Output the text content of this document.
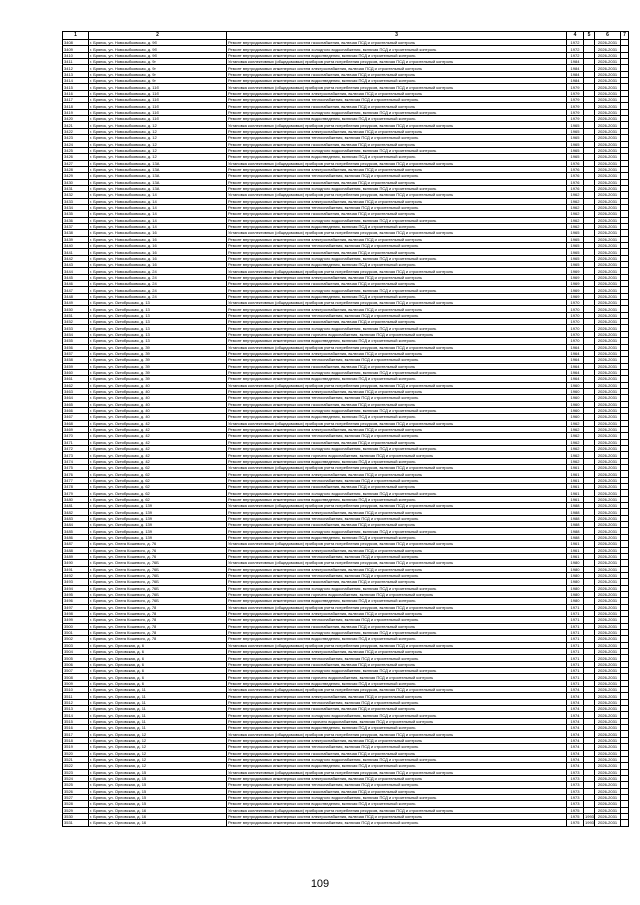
1	2	3	4	5	6	7
3408	г. Брянск, ул. Новозыбковская, д. 9б	Ремонт внутридомовых инженерных систем газоснабжения, включая ПСД и строительный контроль	1972		2026-2031	
3409	г. Брянск, ул. Новозыбковская, д. 9б	Ремонт внутридомовых инженерных систем холодного водоснабжения, включая ПСД и строительный контроль	1972		2026-2031	
3410	г. Брянск, ул. Новозыбковская, д. 9б	Ремонт внутридомовых инженерных систем водоотведения, включая ПСД и строительный контроль	1972		2026-2031	
3411	г. Брянск, ул. Новозыбковская, д. 9г	Установка коллективных (общедомовых) приборов учета потребления ресурсов, включая ПСД и строительный контроль	1984		2026-2031	
3412	г. Брянск, ул. Новозыбковская, д. 9г	Ремонт внутридомовых инженерных систем электроснабжения, включая ПСД и строительный контроль	1984		2026-2031	
3413	г. Брянск, ул. Новозыбковская, д. 9г	Ремонт внутридомовых инженерных систем газоснабжения, включая ПСД и строительный контроль	1984		2026-2031	
3414	г. Брянск, ул. Новозыбковская, д. 9г	Ремонт внутридомовых инженерных систем водоотведения, включая ПСД и строительный контроль	1984		2026-2031	
3415	г. Брянск, ул. Новозыбковская, д. 11б	Установка коллективных (общедомовых) приборов учета потребления ресурсов, включая ПСД и строительный контроль	1979		2026-2031	
3416	г. Брянск, ул. Новозыбковская, д. 11б	Ремонт внутридомовых инженерных систем электроснабжения, включая ПСД и строительный контроль	1979		2026-2031	
3417	г. Брянск, ул. Новозыбковская, д. 11б	Ремонт внутридомовых инженерных систем теплоснабжения, включая ПСД и строительный контроль	1979		2026-2031	
3418	г. Брянск, ул. Новозыбковская, д. 11б	Ремонт внутридомовых инженерных систем газоснабжения, включая ПСД и строительный контроль	1979		2026-2031	
3419	г. Брянск, ул. Новозыбковская, д. 11б	Ремонт внутридомовых инженерных систем холодного водоснабжения, включая ПСД и строительный контроль	1979		2026-2031	
3420	г. Брянск, ул. Новозыбковская, д. 11б	Ремонт внутридомовых инженерных систем водоотведения, включая ПСД и строительный контроль	1979		2026-2031	
3421	г. Брянск, ул. Новозыбковская, д. 12	Установка коллективных (общедомовых) приборов учета потребления ресурсов, включая ПСД и строительный контроль	1965		2026-2031	
3422	г. Брянск, ул. Новозыбковская, д. 12	Ремонт внутридомовых инженерных систем электроснабжения, включая ПСД и строительный контроль	1965		2026-2031	
3423	г. Брянск, ул. Новозыбковская, д. 12	Ремонт внутридомовых инженерных систем теплоснабжения, включая ПСД и строительный контроль	1965		2026-2031	
3424	г. Брянск, ул. Новозыбковская, д. 12	Ремонт внутридомовых инженерных систем газоснабжения, включая ПСД и строительный контроль	1965		2026-2031	
3425	г. Брянск, ул. Новозыбковская, д. 12	Ремонт внутридомовых инженерных систем холодного водоснабжения, включая ПСД и строительный контроль	1965		2026-2031	
3426	г. Брянск, ул. Новозыбковская, д. 12	Ремонт внутридомовых инженерных систем водоотведения, включая ПСД и строительный контроль	1965		2026-2031	
3427	г. Брянск, ул. Новозыбковская, д. 13А	Установка коллективных (общедомовых) приборов учета потребления ресурсов, включая ПСД и строительный контроль	1976		2026-2031	
3428	г. Брянск, ул. Новозыбковская, д. 13А	Ремонт внутридомовых инженерных систем электроснабжения, включая ПСД и строительный контроль	1976		2026-2031	
3429	г. Брянск, ул. Новозыбковская, д. 13А	Ремонт внутридомовых инженерных систем теплоснабжения, включая ПСД и строительный контроль	1976		2026-2031	
3430	г. Брянск, ул. Новозыбковская, д. 13А	Ремонт внутридомовых инженерных систем газоснабжения, включая ПСД и строительный контроль	1976		2026-2031	
3431	г. Брянск, ул. Новозыбковская, д. 13А	Ремонт внутридомовых инженерных систем холодного водоснабжения, включая ПСД и строительный контроль	1976		2026-2031	
3432	г. Брянск, ул. Новозыбковская, д. 14	Установка коллективных (общедомовых) приборов учета потребления ресурсов, включая ПСД и строительный контроль	1962		2026-2031	
3433	г. Брянск, ул. Новозыбковская, д. 14	Ремонт внутридомовых инженерных систем электроснабжения, включая ПСД и строительный контроль	1962		2026-2031	
3434	г. Брянск, ул. Новозыбковская, д. 14	Ремонт внутридомовых инженерных систем теплоснабжения, включая ПСД и строительный контроль	1962		2026-2031	
3435	г. Брянск, ул. Новозыбковская, д. 14	Ремонт внутридомовых инженерных систем газоснабжения, включая ПСД и строительный контроль	1962		2026-2031	
3436	г. Брянск, ул. Новозыбковская, д. 14	Ремонт внутридомовых инженерных систем холодного водоснабжения, включая ПСД и строительный контроль	1962		2026-2031	
3437	г. Брянск, ул. Новозыбковская, д. 14	Ремонт внутридомовых инженерных систем водоотведения, включая ПСД и строительный контроль	1962		2026-2031	
3438	г. Брянск, ул. Новозыбковская, д. 16	Установка коллективных (общедомовых) приборов учета потребления ресурсов, включая ПСД и строительный контроль	1965		2026-2031	
3439	г. Брянск, ул. Новозыбковская, д. 16	Ремонт внутридомовых инженерных систем электроснабжения, включая ПСД и строительный контроль	1965		2026-2031	
3440	г. Брянск, ул. Новозыбковская, д. 16	Ремонт внутридомовых инженерных систем теплоснабжения, включая ПСД и строительный контроль	1965		2026-2031	
3441	г. Брянск, ул. Новозыбковская, д. 16	Ремонт внутридомовых инженерных систем газоснабжения, включая ПСД и строительный контроль	1965		2026-2031	
3442	г. Брянск, ул. Новозыбковская, д. 16	Ремонт внутридомовых инженерных систем холодного водоснабжения, включая ПСД и строительный контроль	1965		2026-2031	
3443	г. Брянск, ул. Новозыбковская, д. 16	Ремонт внутридомовых инженерных систем водоотведения, включая ПСД и строительный контроль	1965		2026-2031	
3444	г. Брянск, ул. Новозыбковская, д. 24	Установка коллективных (общедомовых) приборов учета потребления ресурсов, включая ПСД и строительный контроль	1969		2026-2031	
3445	г. Брянск, ул. Новозыбковская, д. 24	Ремонт внутридомовых инженерных систем электроснабжения, включая ПСД и строительный контроль	1969		2026-2031	
3446	г. Брянск, ул. Новозыбковская, д. 24	Ремонт внутридомовых инженерных систем газоснабжения, включая ПСД и строительный контроль	1969		2026-2031	
3447	г. Брянск, ул. Новозыбковская, д. 24	Ремонт внутридомовых инженерных систем холодного водоснабжения, включая ПСД и строительный контроль	1969		2026-2031	
3448	г. Брянск, ул. Новозыбковская, д. 24	Ремонт внутридомовых инженерных систем водоотведения, включая ПСД и строительный контроль	1969		2026-2031	
3449	г. Брянск, ул. Октябрьская, д. 13	Установка коллективных (общедомовых) приборов учета потребления ресурсов, включая ПСД и строительный контроль	1970		2026-2031	
3450	г. Брянск, ул. Октябрьская, д. 13	Ремонт внутридомовых инженерных систем электроснабжения, включая ПСД и строительный контроль	1970		2026-2031	
3451	г. Брянск, ул. Октябрьская, д. 13	Ремонт внутридомовых инженерных систем теплоснабжения, включая ПСД и строительный контроль	1970		2026-2031	
3452	г. Брянск, ул. Октябрьская, д. 13	Ремонт внутридомовых инженерных систем газоснабжения, включая ПСД и строительный контроль	1970		2026-2031	
3453	г. Брянск, ул. Октябрьская, д. 13	Ремонт внутридомовых инженерных систем холодного водоснабжения, включая ПСД и строительный контроль	1970		2026-2031	
3454	г. Брянск, ул. Октябрьская, д. 13	Ремонт внутридомовых инженерных систем горячего водоснабжения, включая ПСД и строительный контроль	1970		2026-2031	
3455	г. Брянск, ул. Октябрьская, д. 13	Ремонт внутридомовых инженерных систем водоотведения, включая ПСД и строительный контроль	1970		2026-2031	
3456	г. Брянск, ул. Октябрьская, д. 39	Установка коллективных (общедомовых) приборов учета потребления ресурсов, включая ПСД и строительный контроль	1964		2026-2031	
3457	г. Брянск, ул. Октябрьская, д. 39	Ремонт внутридомовых инженерных систем электроснабжения, включая ПСД и строительный контроль	1964		2026-2031	
3458	г. Брянск, ул. Октябрьская, д. 39	Ремонт внутридомовых инженерных систем теплоснабжения, включая ПСД и строительный контроль	1964		2026-2031	
3459	г. Брянск, ул. Октябрьская, д. 39	Ремонт внутридомовых инженерных систем газоснабжения, включая ПСД и строительный контроль	1964		2026-2031	
3460	г. Брянск, ул. Октябрьская, д. 39	Ремонт внутридомовых инженерных систем холодного водоснабжения, включая ПСД и строительный контроль	1964		2026-2031	
3461	г. Брянск, ул. Октябрьская, д. 39	Ремонт внутридомовых инженерных систем водоотведения, включая ПСД и строительный контроль	1964		2026-2031	
3462	г. Брянск, ул. Октябрьская, д. 40	Установка коллективных (общедомовых) приборов учета потребления ресурсов, включая ПСД и строительный контроль	1960		2026-2031	
3463	г. Брянск, ул. Октябрьская, д. 40	Ремонт внутридомовых инженерных систем электроснабжения, включая ПСД и строительный контроль	1960		2026-2031	
3464	г. Брянск, ул. Октябрьская, д. 40	Ремонт внутридомовых инженерных систем теплоснабжения, включая ПСД и строительный контроль	1960		2026-2031	
3465	г. Брянск, ул. Октябрьская, д. 40	Ремонт внутридомовых инженерных систем газоснабжения, включая ПСД и строительный контроль	1960		2026-2031	
3466	г. Брянск, ул. Октябрьская, д. 40	Ремонт внутридомовых инженерных систем холодного водоснабжения, включая ПСД и строительный контроль	1960		2026-2031	
3467	г. Брянск, ул. Октябрьская, д. 40	Ремонт внутридомовых инженерных систем водоотведения, включая ПСД и строительный контроль	1960		2026-2031	
3468	г. Брянск, ул. Октябрьская, д. 42	Установка коллективных (общедомовых) приборов учета потребления ресурсов, включая ПСД и строительный контроль	1962		2026-2031	
3469	г. Брянск, ул. Октябрьская, д. 42	Ремонт внутридомовых инженерных систем электроснабжения, включая ПСД и строительный контроль	1962		2026-2031	
3470	г. Брянск, ул. Октябрьская, д. 42	Ремонт внутридомовых инженерных систем теплоснабжения, включая ПСД и строительный контроль	1962		2026-2031	
3471	г. Брянск, ул. Октябрьская, д. 42	Ремонт внутридомовых инженерных систем газоснабжения, включая ПСД и строительный контроль	1962		2026-2031	
3472	г. Брянск, ул. Октябрьская, д. 42	Ремонт внутридомовых инженерных систем холодного водоснабжения, включая ПСД и строительный контроль	1962		2026-2031	
3473	г. Брянск, ул. Октябрьская, д. 42	Ремонт внутридомовых инженерных систем горячего водоснабжения, включая ПСД и строительный контроль	1962		2026-2031	
3474	г. Брянск, ул. Октябрьская, д. 42	Ремонт внутридомовых инженерных систем водоотведения, включая ПСД и строительный контроль	1962		2026-2031	
3475	г. Брянск, ул. Октябрьская, д. 62	Установка коллективных (общедомовых) приборов учета потребления ресурсов, включая ПСД и строительный контроль	1961		2026-2031	
3476	г. Брянск, ул. Октябрьская, д. 62	Ремонт внутридомовых инженерных систем электроснабжения, включая ПСД и строительный контроль	1961		2026-2031	
3477	г. Брянск, ул. Октябрьская, д. 62	Ремонт внутридомовых инженерных систем теплоснабжения, включая ПСД и строительный контроль	1961		2026-2031	
3478	г. Брянск, ул. Октябрьская, д. 62	Ремонт внутридомовых инженерных систем газоснабжения, включая ПСД и строительный контроль	1961		2026-2031	
3479	г. Брянск, ул. Октябрьская, д. 62	Ремонт внутридомовых инженерных систем холодного водоснабжения, включая ПСД и строительный контроль	1961		2026-2031	
3480	г. Брянск, ул. Октябрьская, д. 62	Ремонт внутридомовых инженерных систем водоотведения, включая ПСД и строительный контроль	1961		2026-2031	
3481	г. Брянск, ул. Октябрьская, д. 139	Установка коллективных (общедомовых) приборов учета потребления ресурсов, включая ПСД и строительный контроль	1988		2026-2031	
3482	г. Брянск, ул. Октябрьская, д. 139	Ремонт внутридомовых инженерных систем электроснабжения, включая ПСД и строительный контроль	1988		2026-2031	
3483	г. Брянск, ул. Октябрьская, д. 139	Ремонт внутридомовых инженерных систем теплоснабжения, включая ПСД и строительный контроль	1988		2026-2031	
3484	г. Брянск, ул. Октябрьская, д. 139	Ремонт внутридомовых инженерных систем газоснабжения, включая ПСД и строительный контроль	1988		2026-2031	
3485	г. Брянск, ул. Октябрьская, д. 139	Ремонт внутридомовых инженерных систем холодного водоснабжения, включая ПСД и строительный контроль	1988		2026-2031	
3486	г. Брянск, ул. Октябрьская, д. 139	Ремонт внутридомовых инженерных систем водоотведения, включая ПСД и строительный контроль	1988		2026-2031	
3487	г. Брянск, ул. Олега Кошевого, д. 76	Установка коллективных (общедомовых) приборов учета потребления ресурсов, включая ПСД и строительный контроль	1961		2026-2031	
3488	г. Брянск, ул. Олега Кошевого, д. 76	Ремонт внутридомовых инженерных систем электроснабжения, включая ПСД и строительный контроль	1961		2026-2031	
3489	г. Брянск, ул. Олега Кошевого, д. 76	Ремонт внутридомовых инженерных систем теплоснабжения, включая ПСД и строительный контроль	1961		2026-2031	
3490	г. Брянск, ул. Олега Кошевого, д. 76Б	Установка коллективных (общедомовых) приборов учета потребления ресурсов, включая ПСД и строительный контроль	1980		2026-2031	
3491	г. Брянск, ул. Олега Кошевого, д. 76Б	Ремонт внутридомовых инженерных систем электроснабжения, включая ПСД и строительный контроль	1980		2026-2031	
3492	г. Брянск, ул. Олега Кошевого, д. 76Б	Ремонт внутридомовых инженерных систем теплоснабжения, включая ПСД и строительный контроль	1980		2026-2031	
3493	г. Брянск, ул. Олега Кошевого, д. 76Б	Ремонт внутридомовых инженерных систем газоснабжения, включая ПСД и строительный контроль	1980		2026-2031	
3494	г. Брянск, ул. Олега Кошевого, д. 76Б	Ремонт внутридомовых инженерных систем холодного водоснабжения, включая ПСД и строительный контроль	1980		2026-2031	
3495	г. Брянск, ул. Олега Кошевого, д. 76Б	Ремонт внутридомовых инженерных систем горячего водоснабжения, включая ПСД и строительный контроль	1980		2026-2031	
3496	г. Брянск, ул. Олега Кошевого, д. 76Б	Ремонт внутридомовых инженерных систем водоотведения, включая ПСД и строительный контроль	1980		2026-2031	
3497	г. Брянск, ул. Олега Кошевого, д. 78	Установка коллективных (общедомовых) приборов учета потребления ресурсов, включая ПСД и строительный контроль	1971		2026-2031	
3498	г. Брянск, ул. Олега Кошевого, д. 78	Ремонт внутридомовых инженерных систем электроснабжения, включая ПСД и строительный контроль	1971		2026-2031	
3499	г. Брянск, ул. Олега Кошевого, д. 78	Ремонт внутридомовых инженерных систем теплоснабжения, включая ПСД и строительный контроль	1971		2026-2031	
3500	г. Брянск, ул. Олега Кошевого, д. 78	Ремонт внутридомовых инженерных систем газоснабжения, включая ПСД и строительный контроль	1971		2026-2031	
3501	г. Брянск, ул. Олега Кошевого, д. 78	Ремонт внутридомовых инженерных систем холодного водоснабжения, включая ПСД и строительный контроль	1971		2026-2031	
3502	г. Брянск, ул. Олега Кошевого, д. 78	Ремонт внутридомовых инженерных систем водоотведения, включая ПСД и строительный контроль	1971		2026-2031	
3503	г. Брянск, ул. Орловская, д. 6	Установка коллективных (общедомовых) приборов учета потребления ресурсов, включая ПСД и строительный контроль	1971		2026-2031	
3504	г. Брянск, ул. Орловская, д. 6	Ремонт внутридомовых инженерных систем электроснабжения, включая ПСД и строительный контроль	1971		2026-2031	
3505	г. Брянск, ул. Орловская, д. 6	Ремонт внутридомовых инженерных систем теплоснабжения, включая ПСД и строительный контроль	1971		2026-2031	
3506	г. Брянск, ул. Орловская, д. 6	Ремонт внутридомовых инженерных систем газоснабжения, включая ПСД и строительный контроль	1971		2026-2031	
3507	г. Брянск, ул. Орловская, д. 6	Ремонт внутридомовых инженерных систем холодного водоснабжения, включая ПСД и строительный контроль	1971		2026-2031	
3508	г. Брянск, ул. Орловская, д. 6	Ремонт внутридомовых инженерных систем горячего водоснабжения, включая ПСД и строительный контроль	1971		2026-2031	
3509	г. Брянск, ул. Орловская, д. 6	Ремонт внутридомовых инженерных систем водоотведения, включая ПСД и строительный контроль	1971		2026-2031	
3510	г. Брянск, ул. Орловская, д. 11	Установка коллективных (общедомовых) приборов учета потребления ресурсов, включая ПСД и строительный контроль	1974		2026-2031	
3511	г. Брянск, ул. Орловская, д. 11	Ремонт внутридомовых инженерных систем электроснабжения, включая ПСД и строительный контроль	1974		2026-2031	
3512	г. Брянск, ул. Орловская, д. 11	Ремонт внутридомовых инженерных систем теплоснабжения, включая ПСД и строительный контроль	1974		2026-2031	
3513	г. Брянск, ул. Орловская, д. 11	Ремонт внутридомовых инженерных систем газоснабжения, включая ПСД и строительный контроль	1974		2026-2031	
3514	г. Брянск, ул. Орловская, д. 11	Ремонт внутридомовых инженерных систем холодного водоснабжения, включая ПСД и строительный контроль	1974		2026-2031	
3515	г. Брянск, ул. Орловская, д. 11	Ремонт внутридомовых инженерных систем горячего водоснабжения, включая ПСД и строительный контроль	1974		2026-2031	
3516	г. Брянск, ул. Орловская, д. 11	Ремонт внутридомовых инженерных систем водоотведения, включая ПСД и строительный контроль	1974		2026-2031	
3517	г. Брянск, ул. Орловская, д. 12	Установка коллективных (общедомовых) приборов учета потребления ресурсов, включая ПСД и строительный контроль	1974		2026-2031	
3518	г. Брянск, ул. Орловская, д. 12	Ремонт внутридомовых инженерных систем электроснабжения, включая ПСД и строительный контроль	1974		2026-2031	
3519	г. Брянск, ул. Орловская, д. 12	Ремонт внутридомовых инженерных систем теплоснабжения, включая ПСД и строительный контроль	1974		2026-2031	
3520	г. Брянск, ул. Орловская, д. 12	Ремонт внутридомовых инженерных систем газоснабжения, включая ПСД и строительный контроль	1974		2026-2031	
3521	г. Брянск, ул. Орловская, д. 12	Ремонт внутридомовых инженерных систем холодного водоснабжения, включая ПСД и строительный контроль	1974		2026-2031	
3522	г. Брянск, ул. Орловская, д. 12	Ремонт внутридомовых инженерных систем водоотведения, включая ПСД и строительный контроль	1974		2026-2031	
3523	г. Брянск, ул. Орловская, д. 15	Установка коллективных (общедомовых) приборов учета потребления ресурсов, включая ПСД и строительный контроль	1973		2026-2031	
3524	г. Брянск, ул. Орловская, д. 15	Ремонт внутридомовых инженерных систем электроснабжения, включая ПСД и строительный контроль	1973		2026-2031	
3525	г. Брянск, ул. Орловская, д. 15	Ремонт внутридомовых инженерных систем теплоснабжения, включая ПСД и строительный контроль	1973		2026-2031	
3526	г. Брянск, ул. Орловская, д. 15	Ремонт внутридомовых инженерных систем газоснабжения, включая ПСД и строительный контроль	1973		2026-2031	
3527	г. Брянск, ул. Орловская, д. 15	Ремонт внутридомовых инженерных систем холодного водоснабжения, включая ПСД и строительный контроль	1973		2026-2031	
3528	г. Брянск, ул. Орловская, д. 15	Ремонт внутридомовых инженерных систем водоотведения, включая ПСД и строительный контроль	1973		2026-2031	
3529	г. Брянск, ул. Орловская, д. 16	Установка коллективных (общедомовых) приборов учета потребления ресурсов, включая ПСД и строительный контроль	1975		2026-2031	
3530	г. Брянск, ул. Орловская, д. 16	Ремонт внутридомовых инженерных систем электроснабжения, включая ПСД и строительный контроль	1975	1993	2026-2031	
3531	г. Брянск, ул. Орловская, д. 16	Ремонт внутридомовых инженерных систем теплоснабжения, включая ПСД и строительный контроль	1975	1993	2026-2031	
109
